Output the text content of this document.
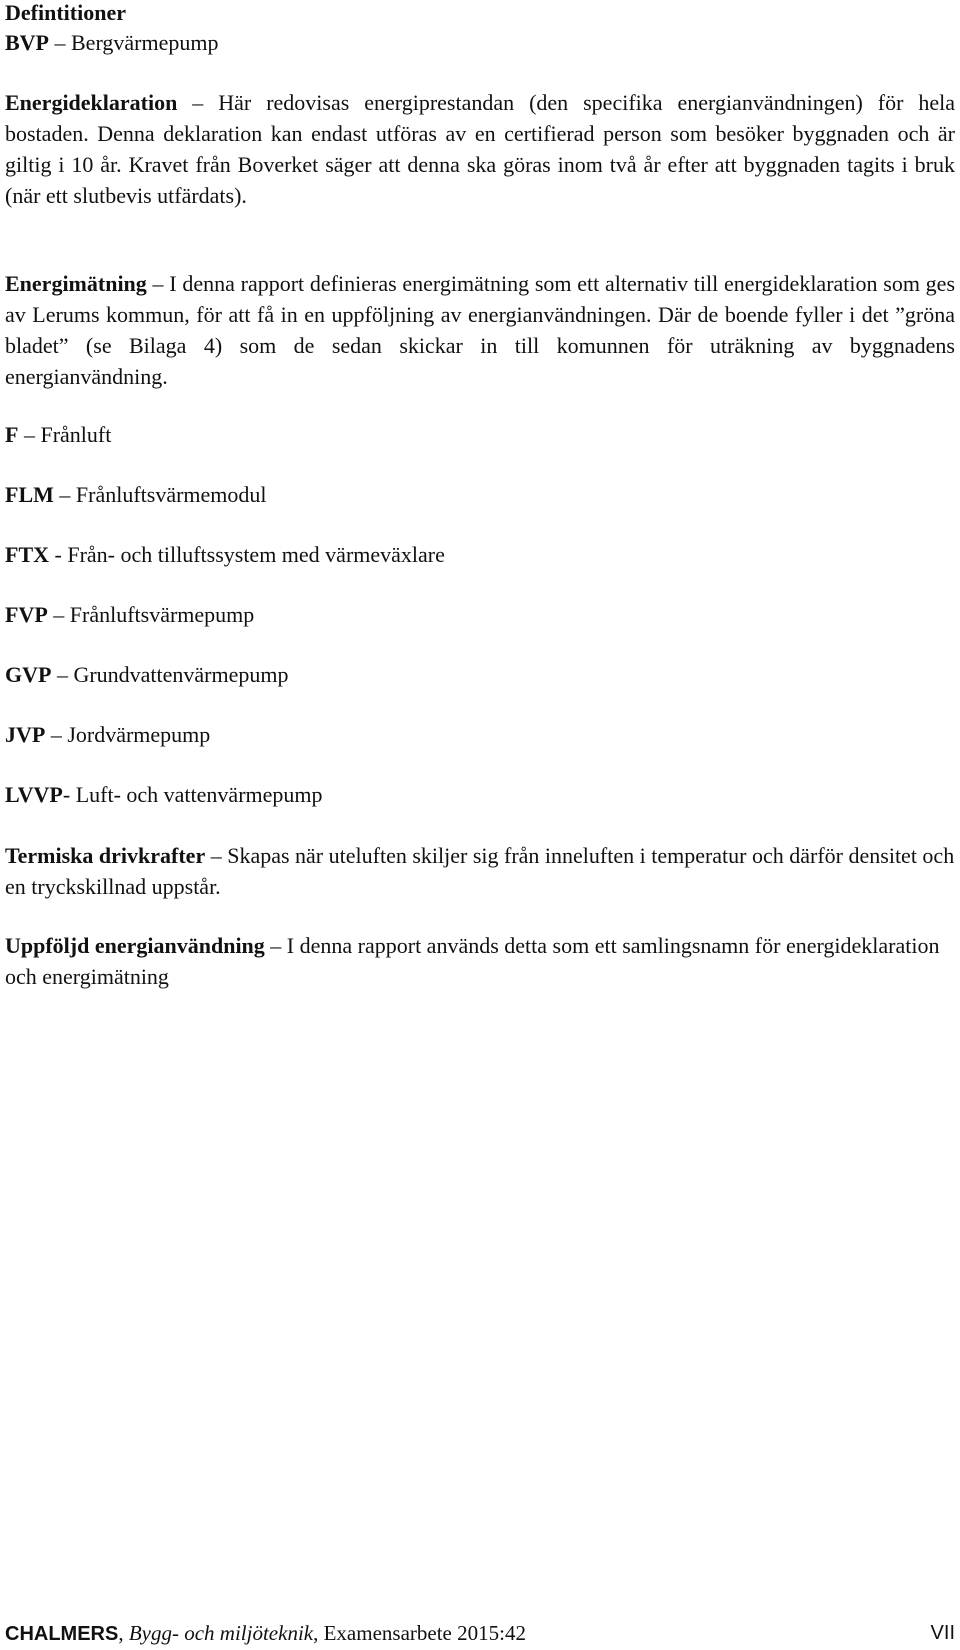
Defintitioner

BVP – Bergvärmepump

Energideklaration – Här redovisas energiprestandan (den specifika energianvändningen) för hela bostaden. Denna deklaration kan endast utföras av en certifierad person som besöker byggnaden och är giltig i 10 år. Kravet från Boverket säger att denna ska göras inom två år efter att byggnaden tagits i bruk (när ett slutbevis utfärdats).

Energimätning – I denna rapport definieras energimätning som ett alternativ till energideklaration som ges av Lerums kommun, för att få in en uppföljning av energianvändningen. Där de boende fyller i det ”gröna bladet” (se Bilaga 4) som de sedan skickar in till komunnen för uträkning av byggnadens energianvändning.

F – Frånluft

FLM – Frånluftsvärmemodul

FTX - Från- och tilluftssystem med värmeväxlare

FVP – Frånluftsvärmepump

GVP – Grundvattenvärmepump

JVP – Jordvärmepump

LVVP- Luft- och vattenvärmepump

Termiska drivkrafter – Skapas när uteluften skiljer sig från inneluften i temperatur och därför densitet och en tryckskillnad uppstår.

Uppföljd energianvändning – I denna rapport används detta som ett samlingsnamn för energideklaration och energimätning

CHALMERS, Bygg- och miljöteknik, Examensarbete 2015:42	VII
